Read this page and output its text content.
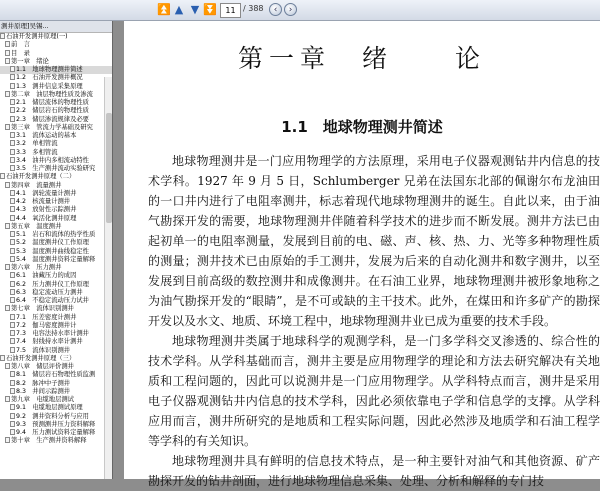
⏫ ▲ ▼ ⏬	11 / 388	‹	›
测井原理]吴锡...
石油开发测井原理(一)
前　言
目　录
第一章　绪论
1.1　地球物理测井简述
1.2　石油开发测井概况
1.3　测井信息采集原理
第二章　油层物理性质及渗流
2.1　储层流体的物理性质
2.2　储层岩石的物理性质
2.3　储层渗流规律及必要
第三章　管流力学基础及研究
3.1　流体运动的基本
3.2　单相管流
3.3　多相管流
3.4　油井内多相流动特性
3.5　生产测井流动实验研究
石油开发测井原理（二）
第四章　流量测井
4.1　涡轮流量计测井
4.2　核流量计测井
4.3　放射性示踪测井
4.4　氧活化测井原理
第五章　温度测井
5.1　岩石和流体的热学性质
5.2　温度测井仪工作原理
5.3　温度测井曲线稳定性
5.4　温度测井资料定量解释
第六章　压力测井
6.1　油藏压力的成因
6.2　压力测井仪工作原理
6.3　稳定流动压力测井
6.4　不稳定流动压力试井
第七章　流体识别测井
7.1　压差密度计测井
7.2　伽马密度测井计
7.3　电容法持水率计测井
7.4　射线持水率计测井
7.5　流体识别测井
石油开发测井原理（三）
第八章　储层评价测井
8.1　储层岩石物理性质监测
8.2　脉冲中子测井
8.3　井间示踪测井
第九章　电缆地层测试
9.1　电缆地层测试原理
9.2　测井资料分析与应用
9.3　预测测井压力资料解释
9.4　压力测试资料定量解释
第十章　生产测井资料解释
第一章　绪　　论
1.1　地球物理测井简述

地球物理测井是一门应用物理学的方法原理，采用电子仪器观测钻井内信息的技术学科。1927 年 9 月 5 日，Schlumberger 兄弟在法国东北部的佩谢尔布龙油田的一口井内进行了电阻率测井，标志着现代地球物理测井的诞生。自此以来，由于油气勘探开发的需要，地球物理测井伴随着科学技术的进步而不断发展。测井方法已由起初单一的电阻率测量，发展到目前的电、磁、声、核、热、力、光等多种物理性质的测量；测井技术已由原始的手工测井，发展为后来的自动化测井和数字测井，以至发展到目前高级的数控测井和成像测井。在石油工业界，地球物理测井被形象地称之为油气勘探开发的“眼睛”，是不可或缺的主干技术。此外，在煤田和许多矿产的勘探开发以及水文、地质、环境工程中，地球物理测井业已成为重要的技术手段。

地球物理测井类属于地球科学的观测学科，是一门多学科交叉渗透的、综合性的技术学科。从学科基础而言，测井主要是应用物理学的理论和方法去研究解决有关地质和工程问题的，因此可以说测井是一门应用物理学。从学科特点而言，测井是采用电子仪器观测钻井内信息的技术学科，因此必须依靠电子学和信息学的支撑。从学科应用而言，测井所研究的是地质和工程实际问题，因此必然涉及地质学和石油工程学等学科的有关知识。

地球物理测井具有鲜明的信息技术特点，是一种主要针对油气和其他资源、矿产勘探开发的钻井剖面，进行地球物理信息采集、处理、分析和解释的专门技
